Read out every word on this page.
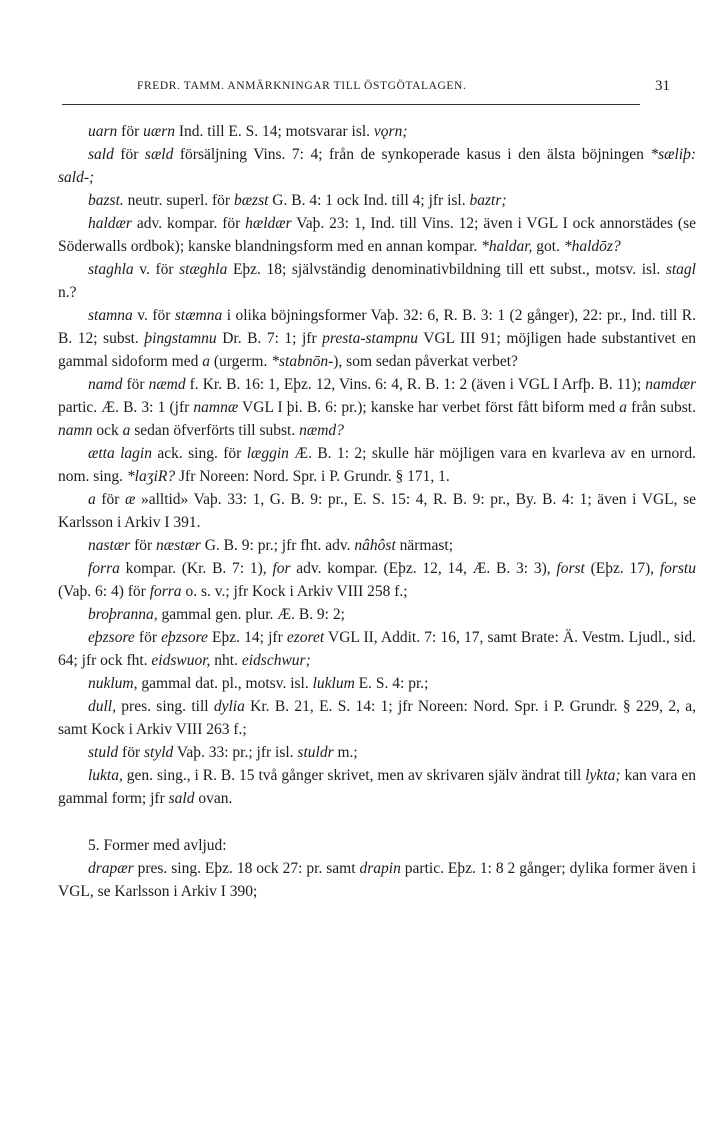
FREDR. TAMM. ANMÄRKNINGAR TILL ÖSTGÖTALAGEN.	31

uarn för uærn Ind. till E. S. 14; motsvarar isl. vǫrn;

sald för sæld försäljning Vins. 7: 4; från de synkoperade kasus i den älsta böjningen *sæliþ: sald-;

bazst. neutr. superl. för bæzst G. B. 4: 1 ock Ind. till 4; jfr isl. baztr;

haldær adv. kompar. för hældær Vaþ. 23: 1, Ind. till Vins. 12; även i VGL I ock annorstädes (se Söderwalls ordbok); kanske blandningsform med en annan kompar. *haldar, got. *haldōz?

staghla v. för stæghla Eþz. 18; självständig denominativbildning till ett subst., motsv. isl. stagl n.?

stamna v. för stæmna i olika böjningsformer Vaþ. 32: 6, R. B. 3: 1 (2 gånger), 22: pr., Ind. till R. B. 12; subst. þingstamnu Dr. B. 7: 1; jfr presta-stampnu VGL III 91; möjligen hade substantivet en gammal sidoform med a (urgerm. *stabnōn-), som sedan påverkat verbet?

namd för næmd f. Kr. B. 16: 1, Eþz. 12, Vins. 6: 4, R. B. 1: 2 (även i VGL I Arfþ. B. 11); namdær partic. Æ. B. 3: 1 (jfr namnæ VGL I þi. B. 6: pr.); kanske har verbet först fått biform med a från subst. namn ock a sedan öfverförts till subst. næmd?

ætta lagin ack. sing. för læggin Æ. B. 1: 2; skulle här möjligen vara en kvarleva av en urnord. nom. sing. *laʒiR? Jfr Noreen: Nord. Spr. i P. Grundr. § 171, 1.

a för æ »alltid» Vaþ. 33: 1, G. B. 9: pr., E. S. 15: 4, R. B. 9: pr., By. B. 4: 1; även i VGL, se Karlsson i Arkiv I 391.

nastær för næstær G. B. 9: pr.; jfr fht. adv. nâhôst närmast;

forra kompar. (Kr. B. 7: 1), for adv. kompar. (Eþz. 12, 14, Æ. B. 3: 3), forst (Eþz. 17), forstu (Vaþ. 6: 4) för forra o. s. v.; jfr Kock i Arkiv VIII 258 f.;

broþranna, gammal gen. plur. Æ. B. 9: 2;

eþzsore för eþzsore Eþz. 14; jfr ezoret VGL II, Addit. 7: 16, 17, samt Brate: Ä. Vestm. Ljudl., sid. 64; jfr ock fht. eidswuor, nht. eidschwur;

nuklum, gammal dat. pl., motsv. isl. luklum E. S. 4: pr.;

dull, pres. sing. till dylia Kr. B. 21, E. S. 14: 1; jfr Noreen: Nord. Spr. i P. Grundr. § 229, 2, a, samt Kock i Arkiv VIII 263 f.;

stuld för styld Vaþ. 33: pr.; jfr isl. stuldr m.;

lukta, gen. sing., i R. B. 15 två gånger skrivet, men av skrivaren själv ändrat till lykta; kan vara en gammal form; jfr sald ovan.

5. Former med avljud:

drapær pres. sing. Eþz. 18 ock 27: pr. samt drapin partic. Eþz. 1: 8 2 gånger; dylika former även i VGL, se Karlsson i Arkiv I 390;
